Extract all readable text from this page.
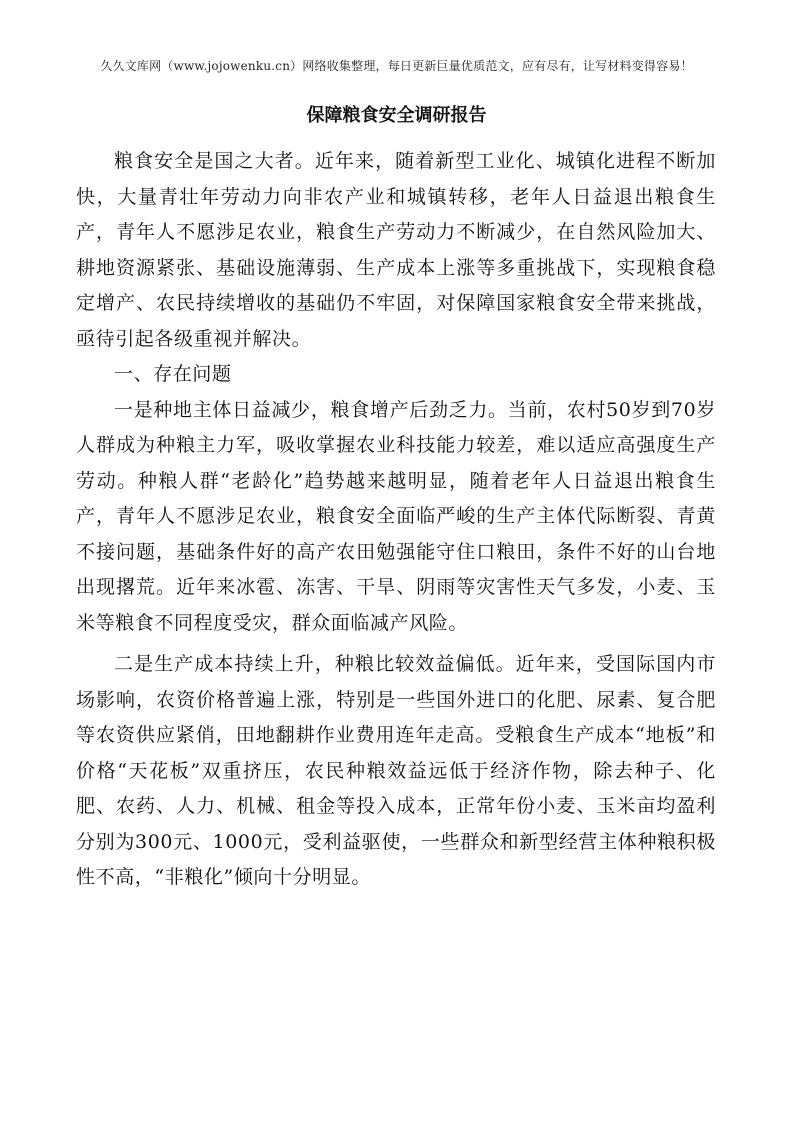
久久文库网（www.jojowenku.cn）网络收集整理，每日更新巨量优质范文，应有尽有，让写材料变得容易！
保障粮食安全调研报告

粮食安全是国之大者。近年来，随着新型工业化、城镇化进程不断加快，大量青壮年劳动力向非农产业和城镇转移，老年人日益退出粮食生产，青年人不愿涉足农业，粮食生产劳动力不断减少，在自然风险加大、耕地资源紧张、基础设施薄弱、生产成本上涨等多重挑战下，实现粮食稳定增产、农民持续增收的基础仍不牢固，对保障国家粮食安全带来挑战，亟待引起各级重视并解决。

一、存在问题

一是种地主体日益减少，粮食增产后劲乏力。当前，农村50岁到70岁人群成为种粮主力军，吸收掌握农业科技能力较差，难以适应高强度生产劳动。种粮人群“老龄化”趋势越来越明显，随着老年人日益退出粮食生产，青年人不愿涉足农业，粮食安全面临严峻的生产主体代际断裂、青黄不接问题，基础条件好的高产农田勉强能守住口粮田，条件不好的山台地出现撂荒。近年来冰雹、冻害、干旱、阴雨等灾害性天气多发，小麦、玉米等粮食不同程度受灾，群众面临减产风险。

二是生产成本持续上升，种粮比较效益偏低。近年来，受国际国内市场影响，农资价格普遍上涨，特别是一些国外进口的化肥、尿素、复合肥等农资供应紧俏，田地翻耕作业费用连年走高。受粮食生产成本“地板”和价格“天花板”双重挤压，农民种粮效益远低于经济作物，除去种子、化肥、农药、人力、机械、租金等投入成本，正常年份小麦、玉米亩均盈利分别为300元、1000元，受利益驱使，一些群众和新型经营主体种粮积极性不高，“非粮化”倾向十分明显。
